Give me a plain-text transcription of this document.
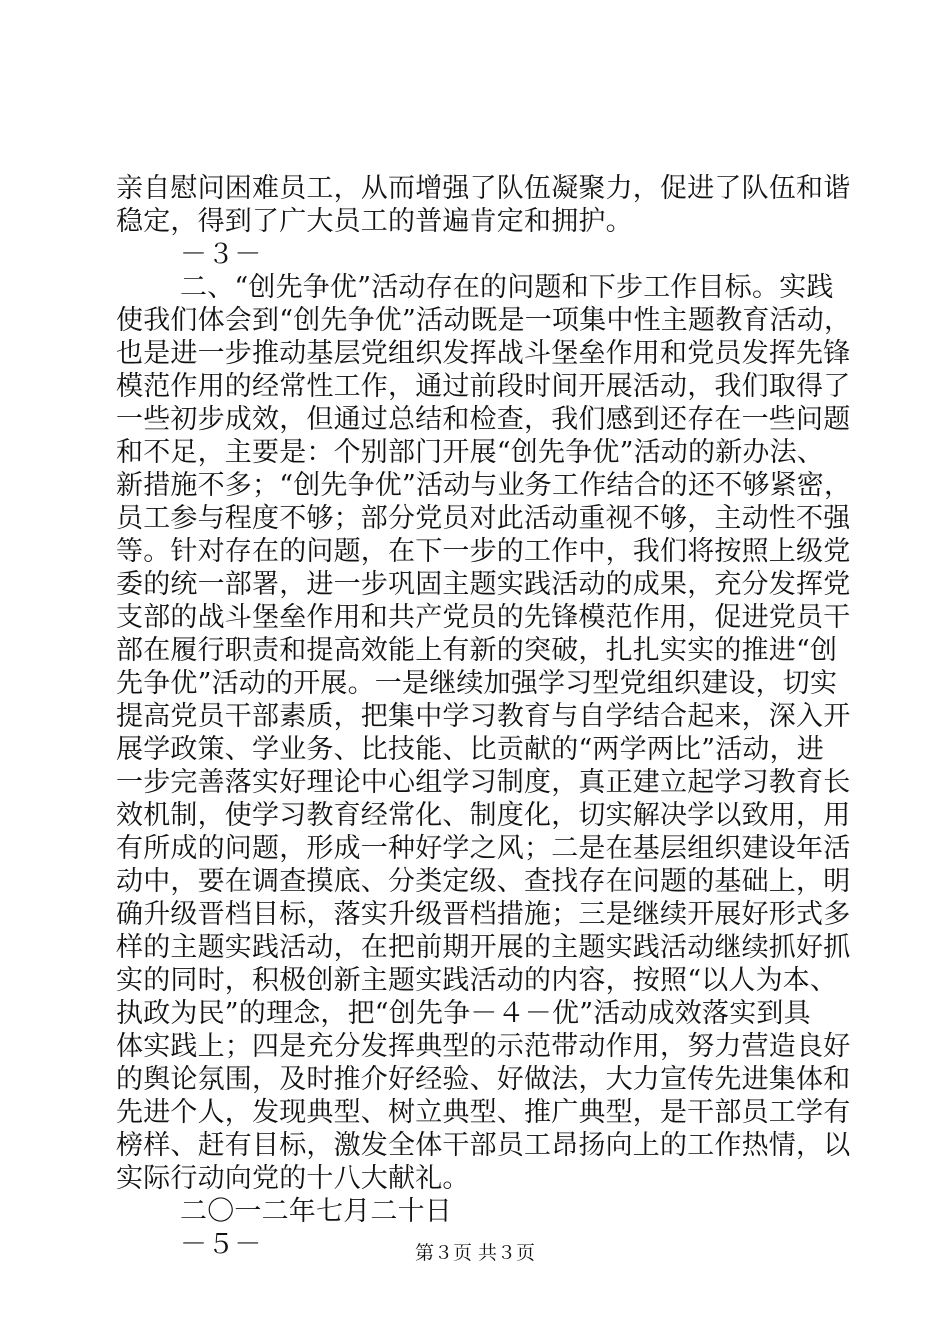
亲自慰问困难员工，从而增强了队伍凝聚力，促进了队伍和谐
稳定，得到了广大员工的普遍肯定和拥护。
－３－
二、“创先争优”活动存在的问题和下步工作目标。实践
使我们体会到“创先争优”活动既是一项集中性主题教育活动，
也是进一步推动基层党组织发挥战斗堡垒作用和党员发挥先锋
模范作用的经常性工作，通过前段时间开展活动，我们取得了
一些初步成效，但通过总结和检查，我们感到还存在一些问题
和不足，主要是：个别部门开展“创先争优”活动的新办法、
新措施不多；“创先争优”活动与业务工作结合的还不够紧密，
员工参与程度不够；部分党员对此活动重视不够，主动性不强
等。针对存在的问题，在下一步的工作中，我们将按照上级党
委的统一部署，进一步巩固主题实践活动的成果，充分发挥党
支部的战斗堡垒作用和共产党员的先锋模范作用，促进党员干
部在履行职责和提高效能上有新的突破，扎扎实实的推进“创
先争优”活动的开展。一是继续加强学习型党组织建设，切实
提高党员干部素质，把集中学习教育与自学结合起来，深入开
展学政策、学业务、比技能、比贡献的“两学两比”活动，进
一步完善落实好理论中心组学习制度，真正建立起学习教育长
效机制，使学习教育经常化、制度化，切实解决学以致用，用
有所成的问题，形成一种好学之风；二是在基层组织建设年活
动中，要在调查摸底、分类定级、查找存在问题的基础上，明
确升级晋档目标，落实升级晋档措施；三是继续开展好形式多
样的主题实践活动，在把前期开展的主题实践活动继续抓好抓
实的同时，积极创新主题实践活动的内容，按照“以人为本、
执政为民”的理念，把“创先争－４－优”活动成效落实到具
体实践上；四是充分发挥典型的示范带动作用，努力营造良好
的舆论氛围，及时推介好经验、好做法，大力宣传先进集体和
先进个人，发现典型、树立典型、推广典型，是干部员工学有
榜样、赶有目标，激发全体干部员工昂扬向上的工作热情，以
实际行动向党的十八大献礼。
二〇一二年七月二十日
－５－	第３页 共３页
